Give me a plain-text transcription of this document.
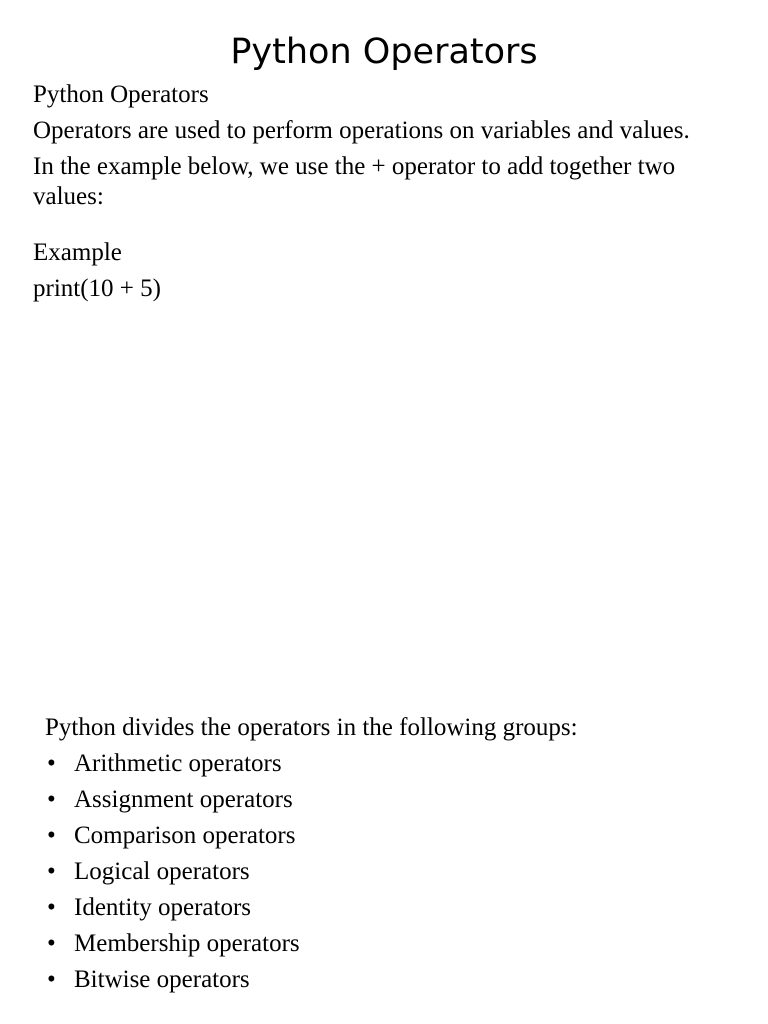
Python Operators

Python Operators

Operators are used to perform operations on variables and values.

In the example below, we use the + operator to add together two values:

Example

print(10 + 5)

Python divides the operators in the following groups:

• Arithmetic operators
• Assignment operators
• Comparison operators
• Logical operators
• Identity operators
• Membership operators
• Bitwise operators
